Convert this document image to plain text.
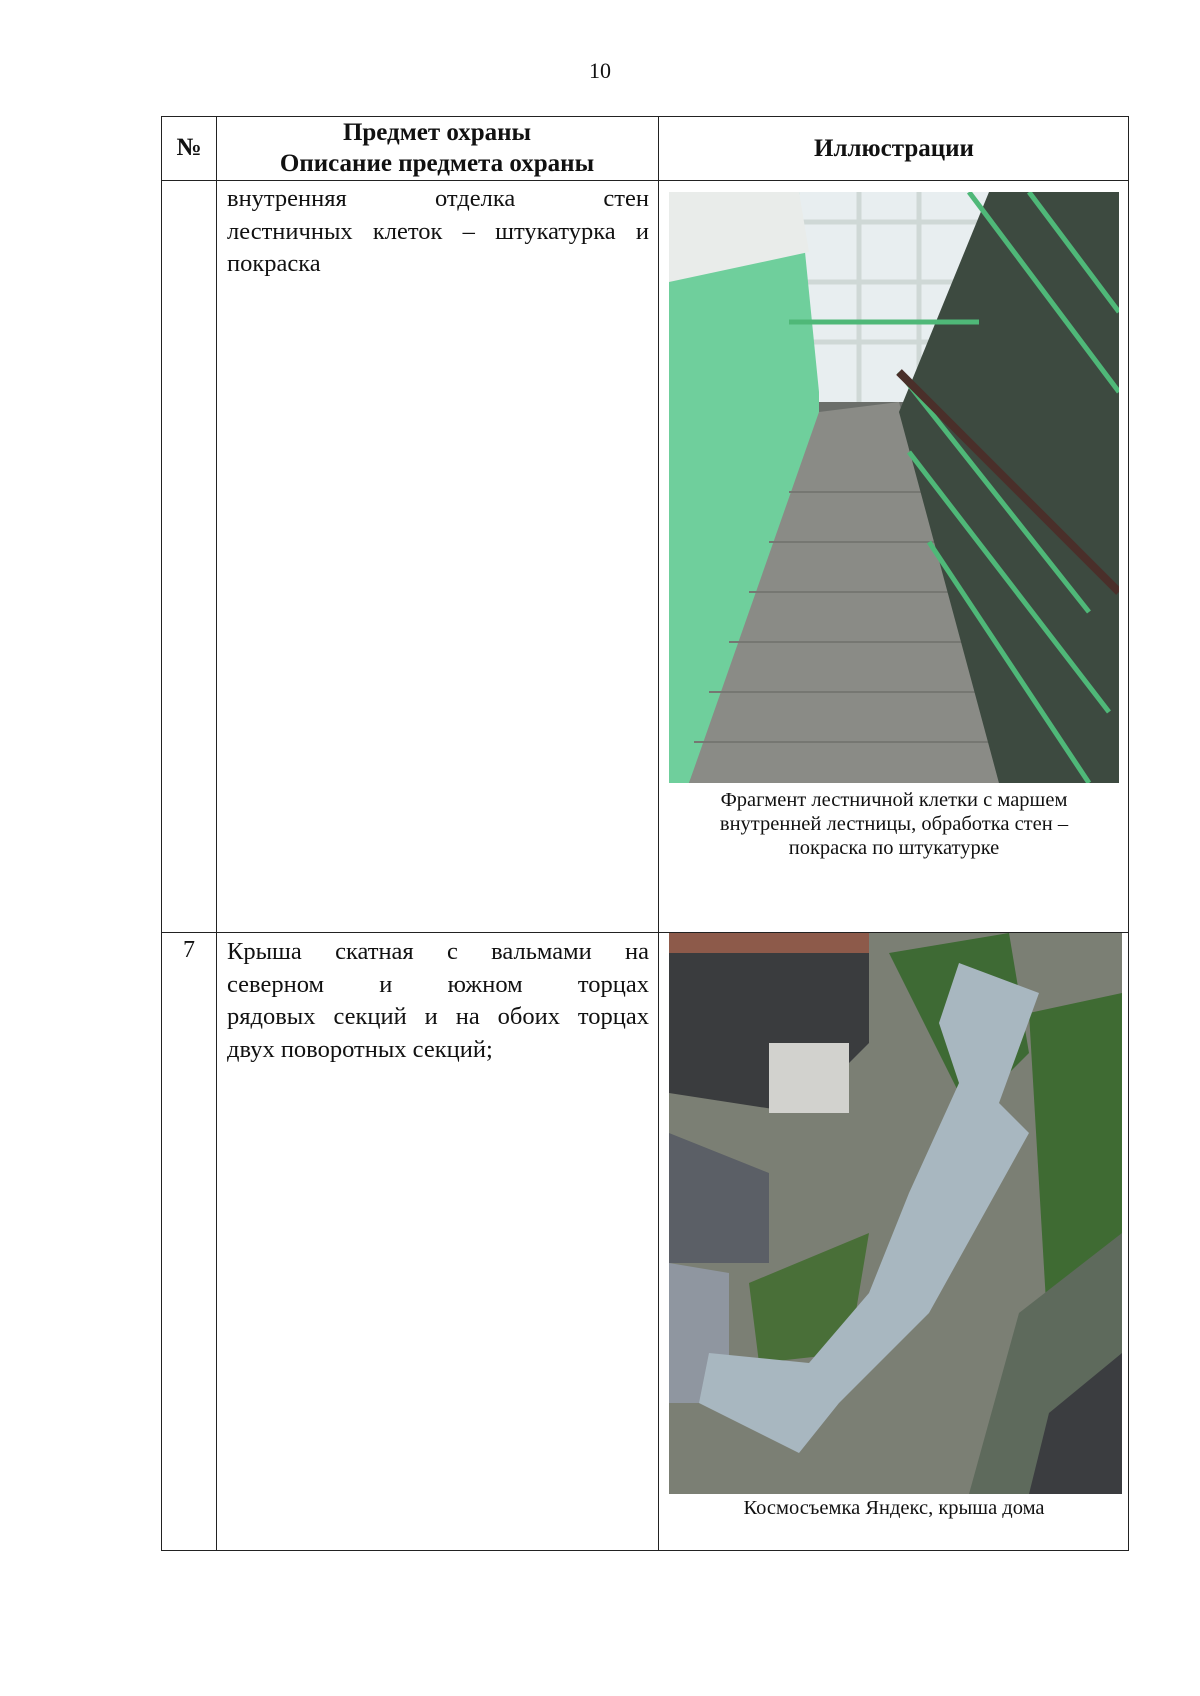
10
№
Предмет охраны
Описание предмета охраны
Иллюстрации
внутренняя отделка стен
лестничных клеток – штукатурка и
покраска
Фрагмент лестничной клетки с маршем
внутренней лестницы, обработка стен –
покраска по штукатурке
7	Крыша скатная с вальмами на
северном и южном торцах
рядовых секций и на обоих торцах
двух поворотных секций;
Космосъемка Яндекс, крыша дома
